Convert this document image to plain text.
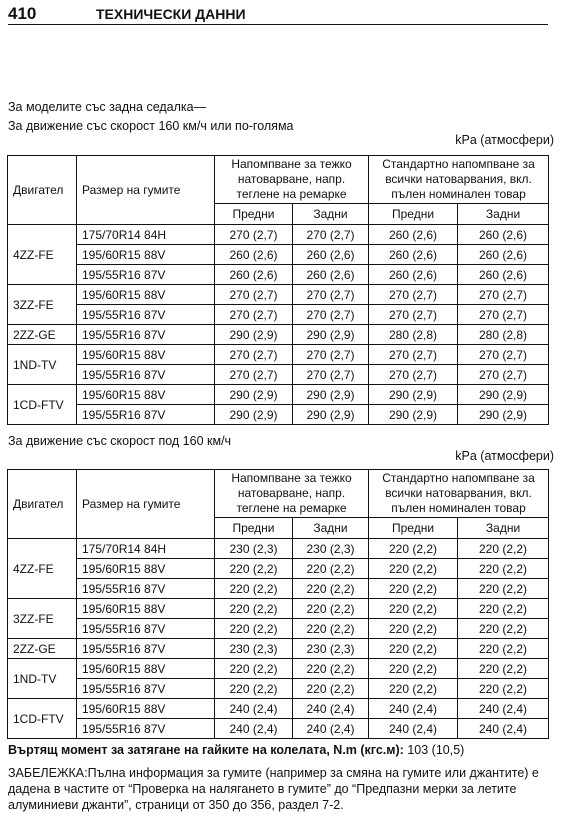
410	ТЕХНИЧЕСКИ ДАННИ
За моделите със задна седалка—
За движение със скорост 160 км/ч или по-голяма
kPa (атмосфери)
Двигател	Размер на гумите	Напомпване за тежко натоварване, напр. теглене на ремарке		Стандартно напомпване за всички натоварвания, вкл. пълен номинален товар	
		Предни	Задни	Предни	Задни
4ZZ-FE	175/70R14 84H	270 (2,7)	270 (2,7)	260 (2,6)	260 (2,6)
	195/60R15 88V	260 (2,6)	260 (2,6)	260 (2,6)	260 (2,6)
	195/55R16 87V	260 (2,6)	260 (2,6)	260 (2,6)	260 (2,6)
3ZZ-FE	195/60R15 88V	270 (2,7)	270 (2,7)	270 (2,7)	270 (2,7)
	195/55R16 87V	270 (2,7)	270 (2,7)	270 (2,7)	270 (2,7)
2ZZ-GE	195/55R16 87V	290 (2,9)	290 (2,9)	280 (2,8)	280 (2,8)
1ND-TV	195/60R15 88V	270 (2,7)	270 (2,7)	270 (2,7)	270 (2,7)
	195/55R16 87V	270 (2,7)	270 (2,7)	270 (2,7)	270 (2,7)
1CD-FTV	195/60R15 88V	290 (2,9)	290 (2,9)	290 (2,9)	290 (2,9)
	195/55R16 87V	290 (2,9)	290 (2,9)	290 (2,9)	290 (2,9)
За движение със скорост под 160 км/ч
kPa (атмосфери)
Двигател	Размер на гумите	Напомпване за тежко натоварване, напр. теглене на ремарке		Стандартно напомпване за всички натоварвания, вкл. пълен номинален товар	
		Предни	Задни	Предни	Задни
4ZZ-FE	175/70R14 84H	230 (2,3)	230 (2,3)	220 (2,2)	220 (2,2)
	195/60R15 88V	220 (2,2)	220 (2,2)	220 (2,2)	220 (2,2)
	195/55R16 87V	220 (2,2)	220 (2,2)	220 (2,2)	220 (2,2)
3ZZ-FE	195/60R15 88V	220 (2,2)	220 (2,2)	220 (2,2)	220 (2,2)
	195/55R16 87V	220 (2,2)	220 (2,2)	220 (2,2)	220 (2,2)
2ZZ-GE	195/55R16 87V	230 (2,3)	230 (2,3)	220 (2,2)	220 (2,2)
1ND-TV	195/60R15 88V	220 (2,2)	220 (2,2)	220 (2,2)	220 (2,2)
	195/55R16 87V	220 (2,2)	220 (2,2)	220 (2,2)	220 (2,2)
1CD-FTV	195/60R15 88V	240 (2,4)	240 (2,4)	240 (2,4)	240 (2,4)
	195/55R16 87V	240 (2,4)	240 (2,4)	240 (2,4)	240 (2,4)
Въртящ момент за затягане на гайките на колелата, N.m (кгс.м): 103 (10,5)
ЗАБЕЛЕЖКА: Пълна информация за гумите (например за смяна на гумите или джантите) е дадена в частите от “Проверка на налягането в гумите” до “Предпазни мерки за летите алуминиеви джанти”, страници от 350 до 356, раздел 7-2.
